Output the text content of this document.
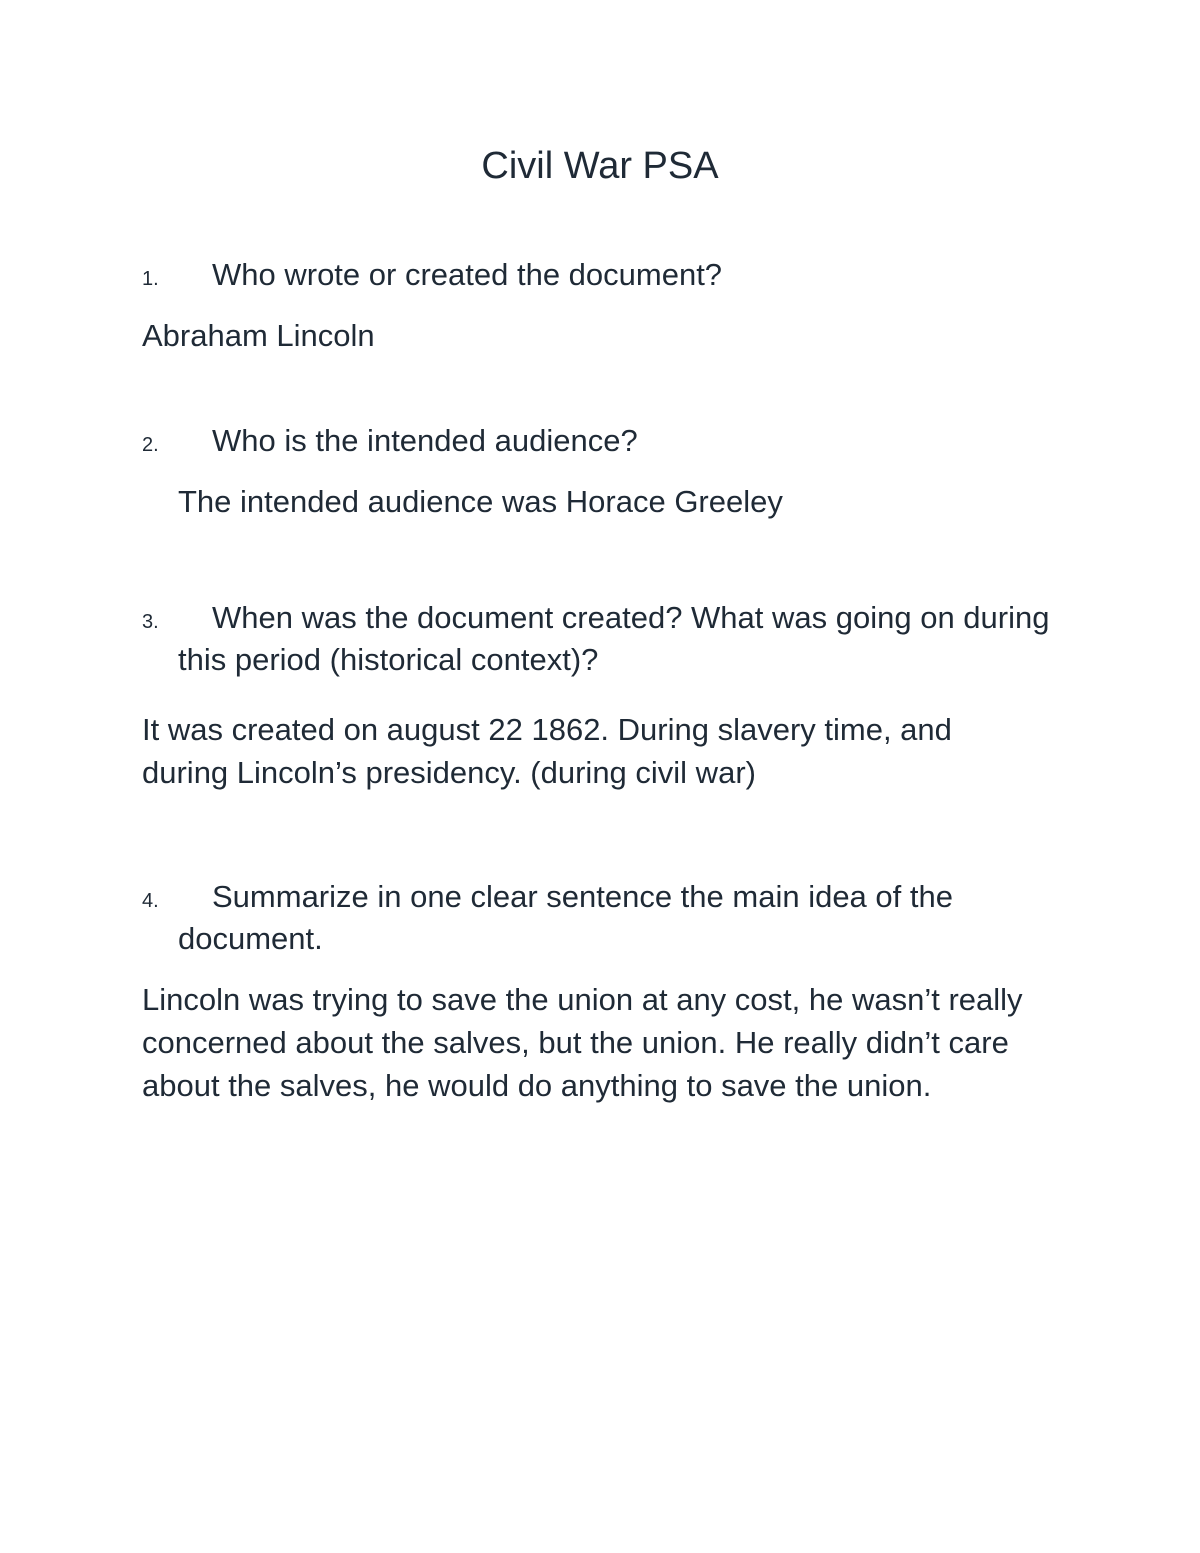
Civil War PSA
1.	Who wrote or created the document?

Abraham Lincoln

2.	Who is the intended audience?

The intended audience was Horace Greeley

3.	When was the document created? What was going on during this period (historical context)?

It was created on august 22 1862. During slavery time, and during Lincoln’s presidency. (during civil war)

4.	Summarize in one clear sentence the main idea of the document.

Lincoln was trying to save the union at any cost, he wasn’t really concerned about the salves, but the union. He really didn’t care about the salves, he would do anything to save the union.
